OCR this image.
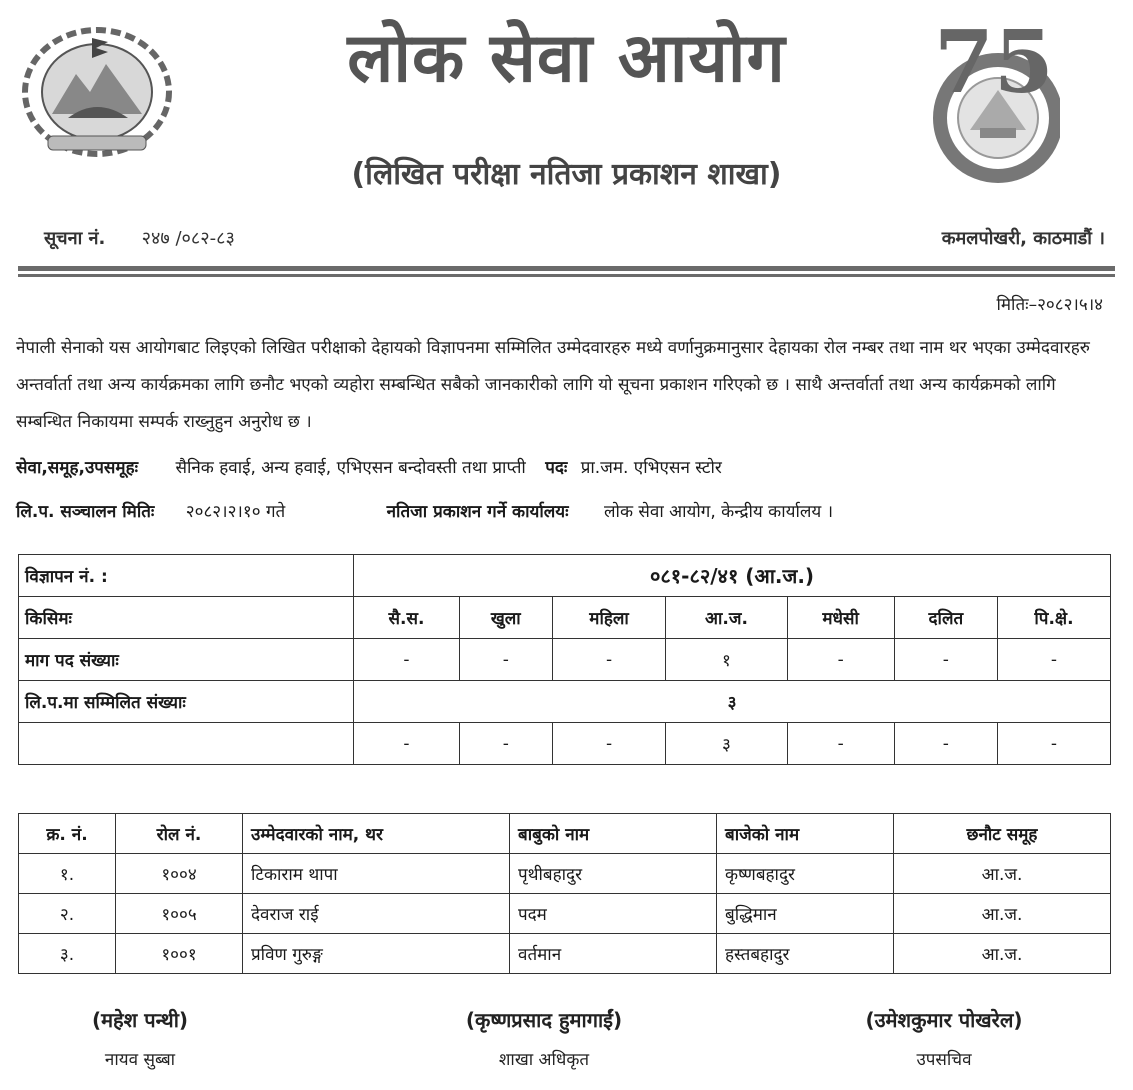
लोक सेवा आयोग	75
(लिखित परीक्षा नतिजा प्रकाशन शाखा)
सूचना नं. २४७ /०८२-८३	कमलपोखरी, काठमाडौं ।
मितिः–२०८२।५।४
नेपाली सेनाको यस आयोगबाट लिइएको लिखित परीक्षाको देहायको विज्ञापनमा सम्मिलित उम्मेदवारहरु मध्ये वर्णानुक्रमानुसार देहायका रोल नम्बर तथा नाम थर भएका उम्मेदवारहरु अन्तर्वार्ता तथा अन्य कार्यक्रमका लागि छनौट भएको व्यहोरा सम्बन्धित सबैको जानकारीको लागि यो सूचना प्रकाशन गरिएको छ । साथै अन्तर्वार्ता तथा अन्य कार्यक्रमको लागि सम्बन्धित निकायमा सम्पर्क राख्नुहुन अनुरोध छ ।
सेवा,समूह,उपसमूहः सैनिक हवाई, अन्य हवाई, एभिएसन बन्दोवस्ती तथा प्राप्ती पदः प्रा.जम. एभिएसन स्टोर
लि.प. सञ्चालन मितिः २०८२।२।१० गते	नतिजा प्रकाशन गर्ने कार्यालयः लोक सेवा आयोग, केन्द्रीय कार्यालय ।
विज्ञापन नं. :	०८१-८२/४१ (आ.ज.)						
किसिमः	सै.स.	खुला	महिला	आ.ज.	मधेसी	दलित	पि.क्षे.
माग पद संख्याः	-	-	-	१	-	-	-
लि.प.मा सम्मिलित संख्याः	३						
	-	-	-	३	-	-	-
क्र. नं.	रोल नं.	उम्मेदवारको नाम, थर	बाबुको नाम	बाजेको नाम	छनौट समूह
१.	१००४	टिकाराम थापा	पृथीबहादुर	कृष्णबहादुर	आ.ज.
२.	१००५	देवराज राई	पदम	बुद्धिमान	आ.ज.
३.	१००१	प्रविण गुरुङ्ग	वर्तमान	हस्तबहादुर	आ.ज.
(महेश पन्थी)
नायव सुब्बा
(कृष्णप्रसाद हुमागाईं)
शाखा अधिकृत
(उमेशकुमार पोखरेल)
उपसचिव
